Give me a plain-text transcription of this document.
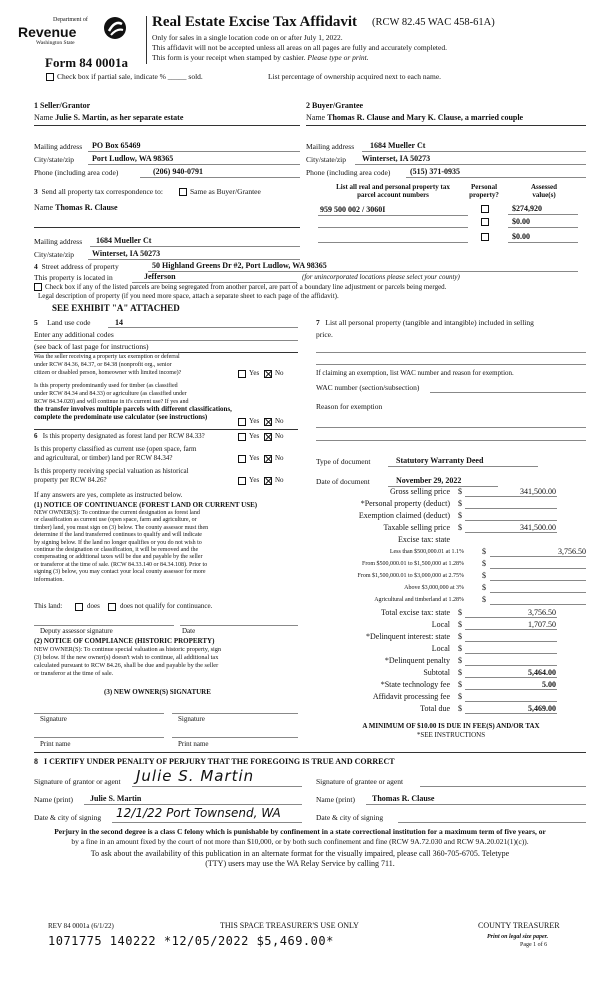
Department of
Revenue
Washington State
Real Estate Excise Tax Affidavit (RCW 82.45 WAC 458-61A)
Only for sales in a single location code on or after July 1, 2022.
This affidavit will not be accepted unless all areas on all pages are fully and accurately completed.
This form is your receipt when stamped by cashier. Please type or print.
Form 84 0001a
Check box if partial sale, indicate % _____ sold.	List percentage of ownership acquired next to each name.
1 Seller/Grantor
Name Julie S. Martin, as her separate estate
Mailing address PO Box 65469
City/state/zip Port Ludlow, WA 98365
Phone (including area code)	(206) 940-0791
2 Buyer/Grantee
Name Thomas R. Clause and Mary K. Clause, a married couple
Mailing address 1684 Mueller Ct
City/state/zip Winterset, IA 50273
Phone (including area code) (515) 371-0935
3 Send all property tax correspondence to:	Same as Buyer/Grantee
Name Thomas R. Clause
Mailing address 1684 Mueller Ct
City/state/zip Winterset, IA 50273
List all real and personal property tax
parcel account numbers
Personal
property?
Assessed
value(s)
959 500 002 / 3060I	$274,920
$0.00
$0.00
4 Street address of property	50 Highland Greens Dr #2, Port Ludlow, WA 98365
This property is located in	Jefferson	(for unincorporated locations please select your county)
Check box if any of the listed parcels are being segregated from another parcel, are part of a boundary line adjustment or parcels being merged.
Legal description of property (if you need more space, attach a separate sheet to each page of the affidavit).
SEE EXHIBIT "A" ATTACHED
5 Land use code	14
Enter any additional codes
(see back of last page for instructions)
Was the seller receiving a property tax exemption or deferral
under RCW 84.36, 84.37, or 84.38 (nonprofit org., senior
citizen or disabled person, homeowner with limited income)?	Yes No
Is this property predominantly used for timber (as classified
under RCW 84.34 and 84.33) or agriculture (as classified under
RCW 84.34.020) and will continue in it's current use? If yes and
the transfer involves multiple parcels with different classifications,
complete the predominate use calculator (see instructions)	Yes No
6 Is this property designated as forest land per RCW 84.33?	Yes No
Is this property classified as current use (open space, farm
and agricultural, or timber) land per RCW 84.34?	Yes No
Is this property receiving special valuation as historical
property per RCW 84.26?	Yes No
If any answers are yes, complete as instructed below.
(1) NOTICE OF CONTINUANCE (FOREST LAND OR CURRENT USE)
NEW OWNER(S): To continue the current designation as forest land
or classification as current use (open space, farm and agriculture, or
timber) land, you must sign on (3) below. The county assessor must then
determine if the land transferred continues to qualify and will indicate
by signing below. If the land no longer qualifies or you do not wish to
continue the designation or classification, it will be removed and the
compensating or additional taxes will be due and payable by the seller
or transferor at the time of sale. (RCW 84.33.140 or 84.34.108). Prior to
signing (3) below, you may contact your local county assessor for more
information.
This land:	does	does not qualify for continuance.
Deputy assessor signature	Date
(2) NOTICE OF COMPLIANCE (HISTORIC PROPERTY)
NEW OWNER(S): To continue special valuation as historic property, sign
(3) below. If the new owner(s) doesn't wish to continue, all additional tax
calculated pursuant to RCW 84.26, shall be due and payable by the seller
or transferor at the time of sale.
(3) NEW OWNER(S) SIGNATURE
Signature	Signature
Print name	Print name
7 List all personal property (tangible and intangible) included in selling
price.
If claiming an exemption, list WAC number and reason for exemption.
WAC number (section/subsection)
Reason for exemption
Type of document	Statutory Warranty Deed
Date of document	November 29, 2022
Gross selling price $	341,500.00
*Personal property (deduct) $
Exemption claimed (deduct) $
Taxable selling price $	341,500.00
Excise tax: state
Less than $500,000.01 at 1.1% $	3,756.50
From $500,000.01 to $1,500,000 at 1.28% $
From $1,500,000.01 to $3,000,000 at 2.75% $
Above $3,000,000 at 3% $
Agricultural and timberland at 1.28% $
Total excise tax: state $	3,756.50
Local $	1,707.50
*Delinquent interest: state $
Local $
*Delinquent penalty $
Subtotal $	5,464.00
*State technology fee $	5.00
Affidavit processing fee $
Total due $	5,469.00
A MINIMUM OF $10.00 IS DUE IN FEE(S) AND/OR TAX
*SEE INSTRUCTIONS
8 I CERTIFY UNDER PENALTY OF PERJURY THAT THE FOREGOING IS TRUE AND CORRECT
Signature of grantor or agent Julie S. Martin	Signature of grantee or agent
Name (print) Julie S. Martin	Name (print) Thomas R. Clause
Date & city of signing 12/1/22 Port Townsend, WA	Date & city of signing
Perjury in the second degree is a class C felony which is punishable by confinement in a state correctional institution for a maximum term of five years, or
by a fine in an amount fixed by the court of not more than $10,000, or by both such confinement and fine (RCW 9A.72.030 and RCW 9A.20.021(1)(c)).
To ask about the availability of this publication in an alternate format for the visually impaired, please call 360-705-6705. Teletype
(TTY) users may use the WA Relay Service by calling 711.
REV 84 0001a (6/1/22)	THIS SPACE TREASURER'S USE ONLY	COUNTY TREASURER
1071775 140222 *12/05/2022 $5,469.00*	Print on legal size paper.
Page 1 of 6
